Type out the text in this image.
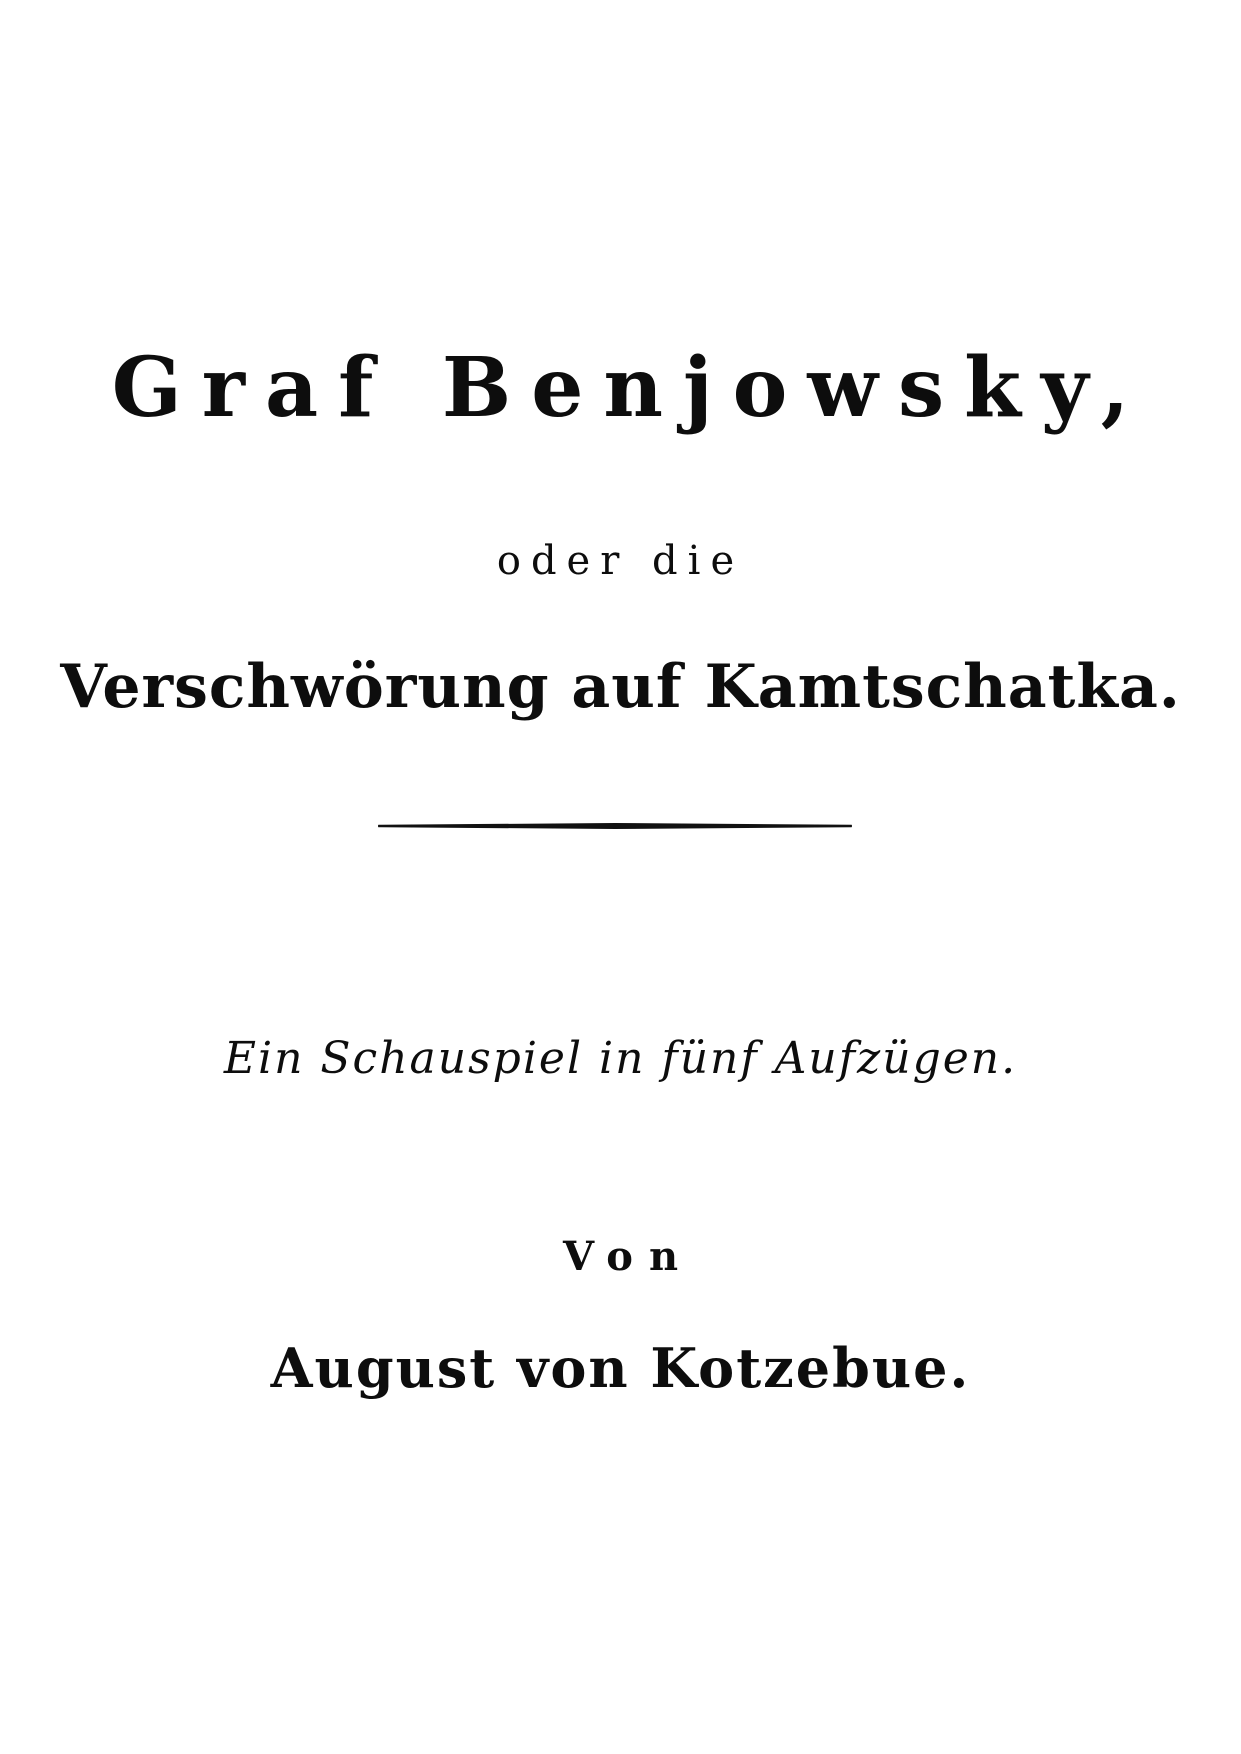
Graf Benjowsky,
oder die
Verschwörung auf Kamtschatka.
Ein Schauspiel in fünf Aufzügen.
Von
August von Kotzebue.
